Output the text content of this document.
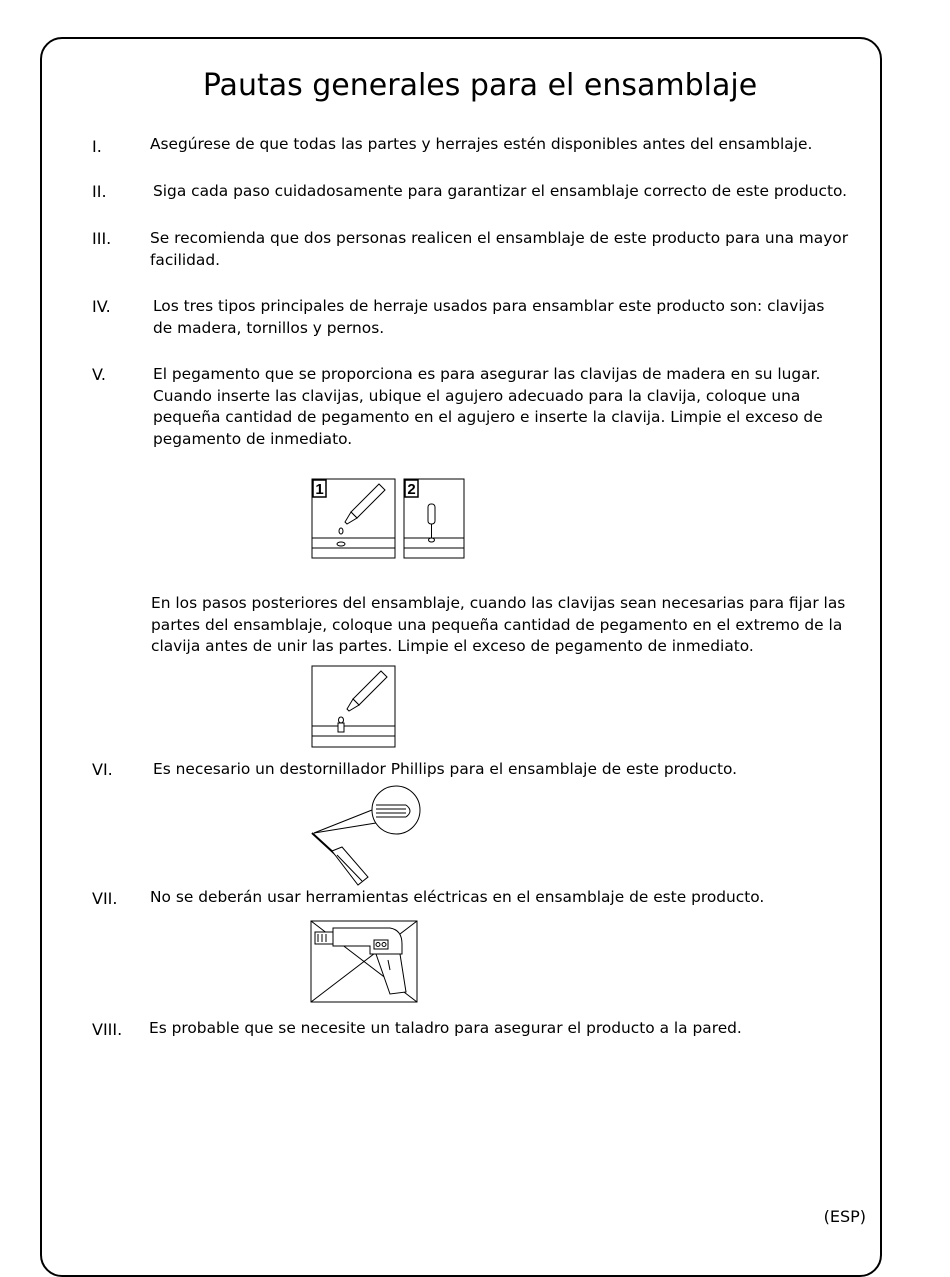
Pautas generales para el ensamblaje
I.	Asegúrese de que todas las partes y herrajes estén disponibles antes del ensamblaje.

II.	Siga cada paso cuidadosamente para garantizar el ensamblaje correcto de este producto.

III.	Se recomienda que dos personas realicen el ensamblaje de este producto para una mayor facilidad.

IV.	Los tres tipos principales de herraje usados para ensamblar este producto son: clavijas de madera, tornillos y pernos.

V.	El pegamento que se proporciona es para asegurar las clavijas de madera en su lugar. Cuando inserte las clavijas, ubique el agujero adecuado para la clavija, coloque una pequeña cantidad de pegamento en el agujero e inserte la clavija. Limpie el exceso de pegamento de inmediato.

1	2

En los pasos posteriores del ensamblaje, cuando las clavijas sean necesarias para fijar las partes del ensamblaje, coloque una pequeña cantidad de pegamento en el extremo de la clavija antes de unir las partes. Limpie el exceso de pegamento de inmediato.

VI.	Es necesario un destornillador Phillips para el ensamblaje de este producto.

VII. No se deberán usar herramientas eléctricas en el ensamblaje de este producto.

VIII. Es probable que se necesite un taladro para asegurar el producto a la pared.

(ESP)
